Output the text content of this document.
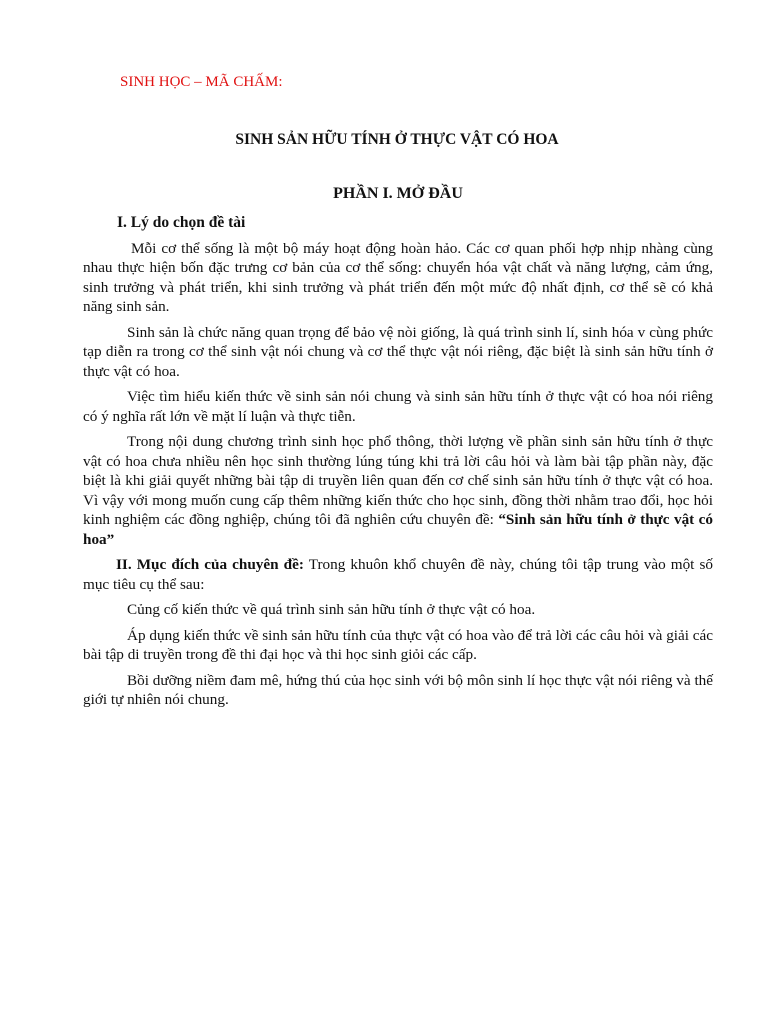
SINH HỌC – MÃ CHẤM:
SINH SẢN HỮU TÍNH Ở THỰC VẬT CÓ HOA
PHẦN I. MỞ ĐẦU
I. Lý do chọn đề tài

Mỗi cơ thể sống là một bộ máy hoạt động hoàn hảo. Các cơ quan phối hợp nhịp nhàng cùng nhau thực hiện bốn đặc trưng cơ bản của cơ thể sống: chuyển hóa vật chất và năng lượng, cảm ứng, sinh trưởng và phát triển, khi sinh trưởng và phát triển đến một mức độ nhất định, cơ thể sẽ có khả năng sinh sản.

Sinh sản là chức năng quan trọng để bảo vệ nòi giống, là quá trình sinh lí, sinh hóa v cùng phức tạp diễn ra trong cơ thể sinh vật nói chung và cơ thể thực vật nói riêng, đặc biệt là sinh sản hữu tính ở thực vật có hoa.

Việc tìm hiểu kiến thức về sinh sản nói chung và sinh sản hữu tính ở thực vật có hoa nói riêng có ý nghĩa rất lớn về mặt lí luận và thực tiễn.

Trong nội dung chương trình sinh học phổ thông, thời lượng về phần sinh sản hữu tính ở thực vật có hoa chưa nhiều nên học sinh thường lúng túng khi trả lời câu hỏi và làm bài tập phần này, đặc biệt là khi giải quyết những bài tập di truyền liên quan đến cơ chế sinh sản hữu tính ở thực vật có hoa. Vì vậy với mong muốn cung cấp thêm những kiến thức cho học sinh, đồng thời nhằm trao đổi, học hỏi kinh nghiệm các đồng nghiệp, chúng tôi đã nghiên cứu chuyên đề: “Sinh sản hữu tính ở thực vật có hoa”

II. Mục đích của chuyên đề: Trong khuôn khổ chuyên đề này, chúng tôi tập trung vào một số mục tiêu cụ thể sau:

Củng cố kiến thức về quá trình sinh sản hữu tính ở thực vật có hoa.

Áp dụng kiến thức về sinh sản hữu tính của thực vật có hoa vào để trả lời các câu hỏi và giải các bài tập di truyền trong đề thi đại học và thi học sinh giỏi các cấp.

Bồi dưỡng niềm đam mê, hứng thú của học sinh với bộ môn sinh lí học thực vật nói riêng và thế giới tự nhiên nói chung.
